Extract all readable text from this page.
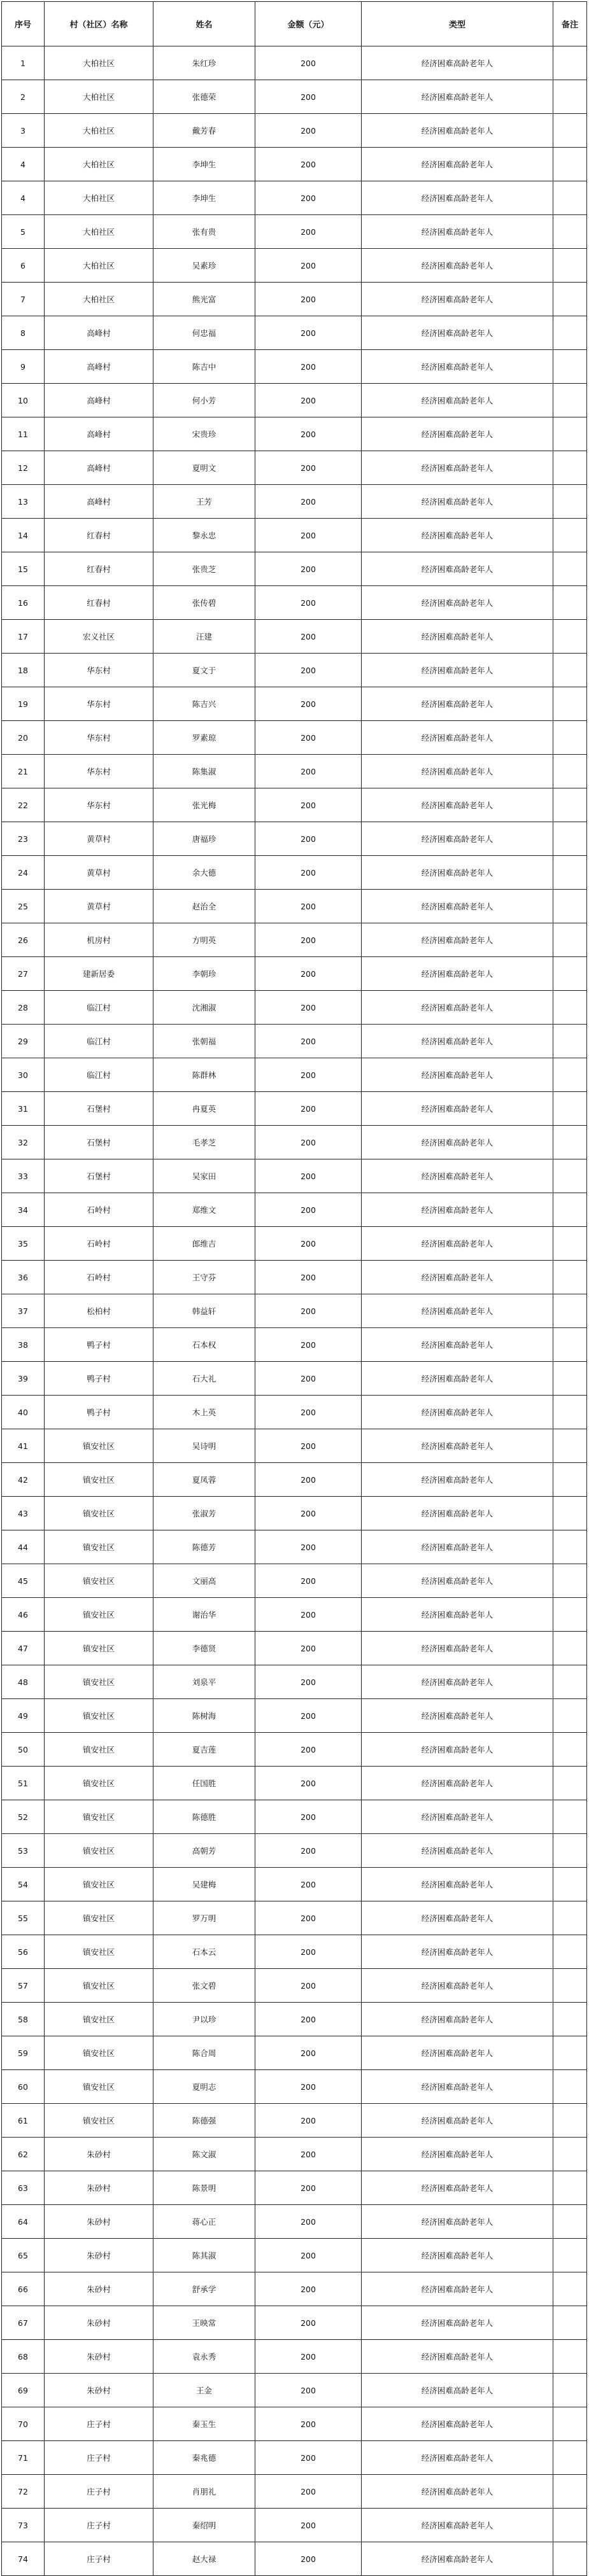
序号	村（社区）名称	姓名	金额（元）	类型	备注
1	大柏社区	朱红珍	200	经济困难高龄老年人	
2	大柏社区	张德荣	200	经济困难高龄老年人	
3	大柏社区	戴芳春	200	经济困难高龄老年人	
4	大柏社区	李坤生	200	经济困难高龄老年人	
4	大柏社区	李坤生	200	经济困难高龄老年人	
5	大柏社区	张有贵	200	经济困难高龄老年人	
6	大柏社区	吴素珍	200	经济困难高龄老年人	
7	大柏社区	熊光富	200	经济困难高龄老年人	
8	高峰村	何忠福	200	经济困难高龄老年人	
9	高峰村	陈吉中	200	经济困难高龄老年人	
10	高峰村	何小芳	200	经济困难高龄老年人	
11	高峰村	宋贵珍	200	经济困难高龄老年人	
12	高峰村	夏明文	200	经济困难高龄老年人	
13	高峰村	王芳	200	经济困难高龄老年人	
14	红春村	黎永忠	200	经济困难高龄老年人	
15	红春村	张贵芝	200	经济困难高龄老年人	
16	红春村	张传碧	200	经济困难高龄老年人	
17	宏义社区	汪建	200	经济困难高龄老年人	
18	华东村	夏文于	200	经济困难高龄老年人	
19	华东村	陈吉兴	200	经济困难高龄老年人	
20	华东村	罗素琼	200	经济困难高龄老年人	
21	华东村	陈集淑	200	经济困难高龄老年人	
22	华东村	张光梅	200	经济困难高龄老年人	
23	黄草村	唐福珍	200	经济困难高龄老年人	
24	黄草村	余大德	200	经济困难高龄老年人	
25	黄草村	赵治全	200	经济困难高龄老年人	
26	机房村	方明英	200	经济困难高龄老年人	
27	建新居委	李朝珍	200	经济困难高龄老年人	
28	临江村	沈湘淑	200	经济困难高龄老年人	
29	临江村	张朝福	200	经济困难高龄老年人	
30	临江村	陈群林	200	经济困难高龄老年人	
31	石堡村	冉夏英	200	经济困难高龄老年人	
32	石堡村	毛孝芝	200	经济困难高龄老年人	
33	石堡村	吴家田	200	经济困难高龄老年人	
34	石岭村	郑维文	200	经济困难高龄老年人	
35	石岭村	郎维吉	200	经济困难高龄老年人	
36	石岭村	王守芬	200	经济困难高龄老年人	
37	松柏村	韩益轩	200	经济困难高龄老年人	
38	鸭子村	石本权	200	经济困难高龄老年人	
39	鸭子村	石大礼	200	经济困难高龄老年人	
40	鸭子村	木上英	200	经济困难高龄老年人	
41	镇安社区	吴诗明	200	经济困难高龄老年人	
42	镇安社区	夏凤蓉	200	经济困难高龄老年人	
43	镇安社区	张淑芳	200	经济困难高龄老年人	
44	镇安社区	陈德芳	200	经济困难高龄老年人	
45	镇安社区	文丽高	200	经济困难高龄老年人	
46	镇安社区	谢治华	200	经济困难高龄老年人	
47	镇安社区	李德贤	200	经济困难高龄老年人	
48	镇安社区	刘泉平	200	经济困难高龄老年人	
49	镇安社区	陈树海	200	经济困难高龄老年人	
50	镇安社区	夏吉莲	200	经济困难高龄老年人	
51	镇安社区	任国胜	200	经济困难高龄老年人	
52	镇安社区	陈德胜	200	经济困难高龄老年人	
53	镇安社区	高朝芳	200	经济困难高龄老年人	
54	镇安社区	吴建梅	200	经济困难高龄老年人	
55	镇安社区	罗万明	200	经济困难高龄老年人	
56	镇安社区	石本云	200	经济困难高龄老年人	
57	镇安社区	张文碧	200	经济困难高龄老年人	
58	镇安社区	尹以珍	200	经济困难高龄老年人	
59	镇安社区	陈合周	200	经济困难高龄老年人	
60	镇安社区	夏明志	200	经济困难高龄老年人	
61	镇安社区	陈德强	200	经济困难高龄老年人	
62	朱砂村	陈文淑	200	经济困难高龄老年人	
63	朱砂村	陈景明	200	经济困难高龄老年人	
64	朱砂村	蒋心正	200	经济困难高龄老年人	
65	朱砂村	陈其淑	200	经济困难高龄老年人	
66	朱砂村	舒承学	200	经济困难高龄老年人	
67	朱砂村	王映常	200	经济困难高龄老年人	
68	朱砂村	袁永秀	200	经济困难高龄老年人	
69	朱砂村	王金	200	经济困难高龄老年人	
70	庄子村	秦玉生	200	经济困难高龄老年人	
71	庄子村	秦兆德	200	经济困难高龄老年人	
72	庄子村	肖朋礼	200	经济困难高龄老年人	
73	庄子村	秦绍明	200	经济困难高龄老年人	
74	庄子村	赵大禄	200	经济困难高龄老年人	
